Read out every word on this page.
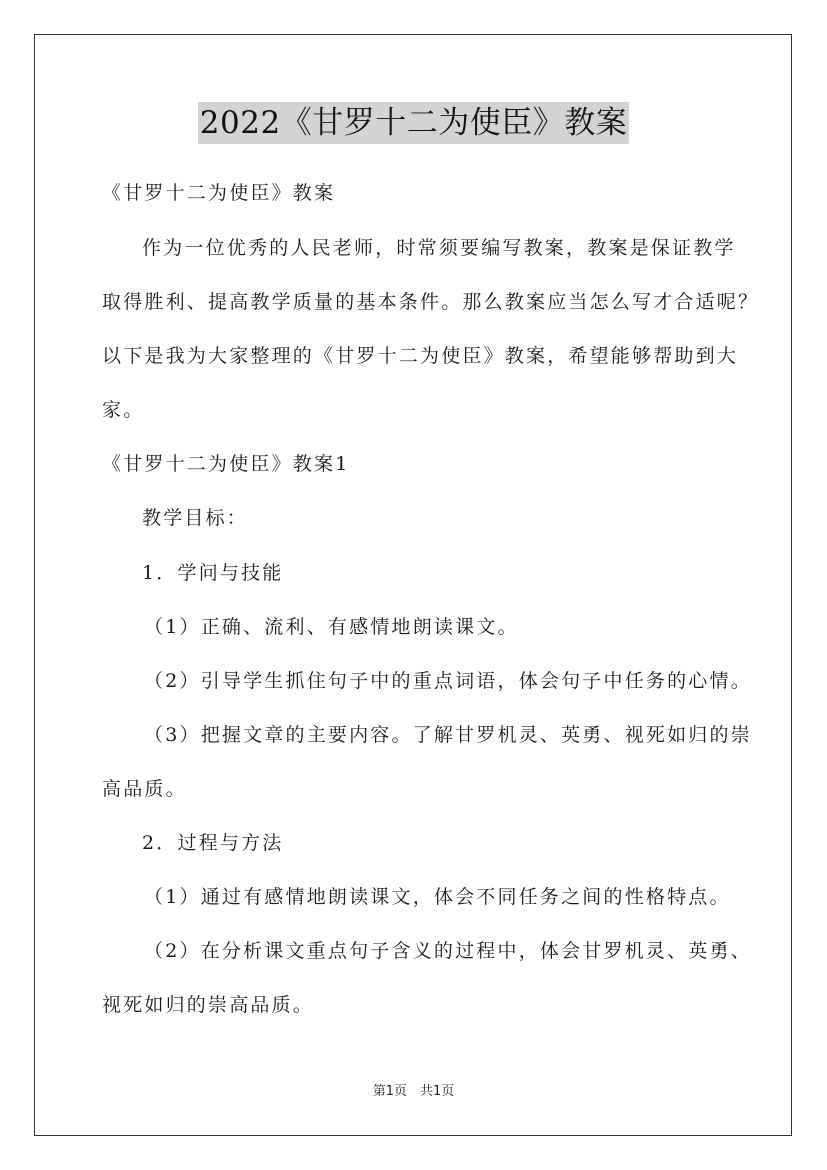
2022《甘罗十二为使臣》教案
《甘罗十二为使臣》教案
作为一位优秀的人民老师，时常须要编写教案，教案是保证教学
取得胜利、提高教学质量的基本条件。那么教案应当怎么写才合适呢？
以下是我为大家整理的《甘罗十二为使臣》教案，希望能够帮助到大
家。
《甘罗十二为使臣》教案1
教学目标：
1．学问与技能
（1）正确、流利、有感情地朗读课文。
（2）引导学生抓住句子中的重点词语，体会句子中任务的心情。
（3）把握文章的主要内容。了解甘罗机灵、英勇、视死如归的崇
高品质。
2．过程与方法
（1）通过有感情地朗读课文，体会不同任务之间的性格特点。
（2）在分析课文重点句子含义的过程中，体会甘罗机灵、英勇、
视死如归的崇高品质。
第1页　共1页
